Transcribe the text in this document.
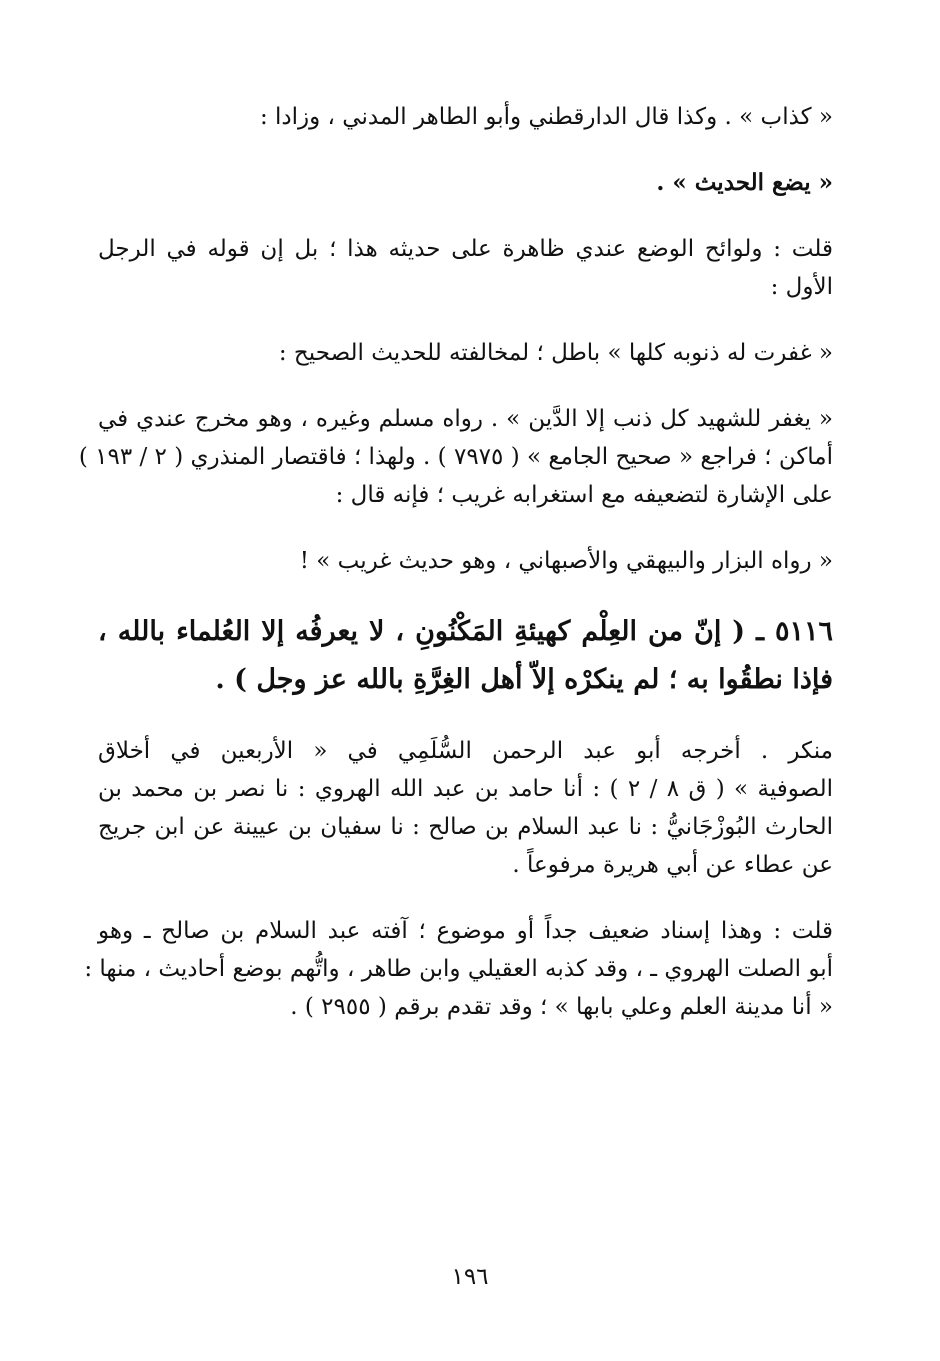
« كذاب » . وكذا قال الدارقطني وأبو الطاهر المدني ، وزادا :

« يضع الحديث » .

قلت : ولوائح الوضع عندي ظاهرة على حديثه هذا ؛ بل إن قوله في الرجل
الأول :

« غفرت له ذنوبه كلها » باطل ؛ لمخالفته للحديث الصحيح :

« يغفر للشهيد كل ذنب إلا الدَّين » . رواه مسلم وغيره ، وهو مخرج عندي في
أماكن ؛ فراجع « صحيح الجامع » ( ٧٩٧٥ ) . ولهذا ؛ فاقتصار المنذري ( ٢ / ١٩٣ )
على الإشارة لتضعيفه مع استغرابه غريب ؛ فإنه قال :

« رواه البزار والبيهقي والأصبهاني ، وهو حديث غريب » !

٥١١٦ ـ ( إنّ من العِلْم كهيئةِ المَكْنُونِ ، لا يعرفُه إلا العُلماء بالله ،
فإذا نطقُوا به ؛ لم ينكرْه إلاّ أهل الغِرَّةِ بالله عز وجل ) .

منكر . أخرجه أبو عبد الرحمن السُّلَمِي في « الأربعين في أخلاق
الصوفية » ( ق ٨ / ٢ ) : أنا حامد بن عبد الله الهروي : نا نصر بن محمد بن
الحارث البُوزْجَانيُّ : نا عبد السلام بن صالح : نا سفيان بن عيينة عن ابن جريج
عن عطاء عن أبي هريرة مرفوعاً .

قلت : وهذا إسناد ضعيف جداً أو موضوع ؛ آفته عبد السلام بن صالح ـ وهو
أبو الصلت الهروي ـ ، وقد كذبه العقيلي وابن طاهر ، واتُّهم بوضع أحاديث ، منها :
« أنا مدينة العلم وعلي بابها » ؛ وقد تقدم برقم ( ٢٩٥٥ ) .

١٩٦
